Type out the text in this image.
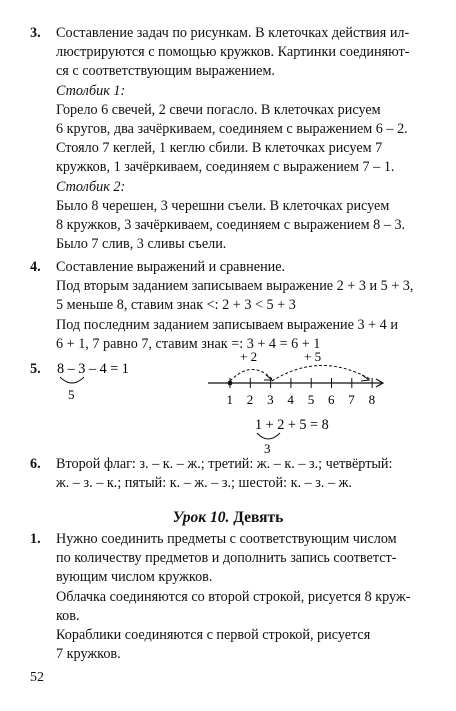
3. Составление задач по рисункам. В клеточках действия ил-
люстрируются с помощью кружков. Картинки соединяют-
ся с соответствующим выражением.
Столбик 1:
Горело 6 свечей, 2 свечи погасло. В клеточках рисуем
6 кругов, два зачёркиваем, соединяем с выражением 6 – 2.
Стояло 7 кеглей, 1 кеглю сбили. В клеточках рисуем 7
кружков, 1 зачёркиваем, соединяем с выражением 7 – 1.
Столбик 2:
Было 8 черешен, 3 черешни съели. В клеточках рисуем
8 кружков, 3 зачёркиваем, соединяем с выражением 8 – 3.
Было 7 слив, 3 сливы съели.
4. Составление выражений и сравнение.
Под вторым заданием записываем выражение 2 + 3 и 5 + 3,
5 меньше 8, ставим знак <: 2 + 3 < 5 + 3
Под последним заданием записываем выражение 3 + 4 и
6 + 1, 7 равно 7, ставим знак =: 3 + 4 = 6 + 1
5. 8 – 3 – 4 = 1
5
+ 2	+ 5
1 2 3 4 5 6 7 8
1 + 2 + 5 = 8
3
6. Второй флаг: з. – к. – ж.; третий: ж. – к. – з.; четвёртый:
ж. – з. – к.; пятый: к. – ж. – з.; шестой: к. – з. – ж.
Урок 10. Девять
1. Нужно соединить предметы с соответствующим числом
по количеству предметов и дополнить запись соответст-
вующим числом кружков.
Облачка соединяются со второй строкой, рисуется 8 круж-
ков.
Кораблики соединяются с первой строкой, рисуется
7 кружков.
52
